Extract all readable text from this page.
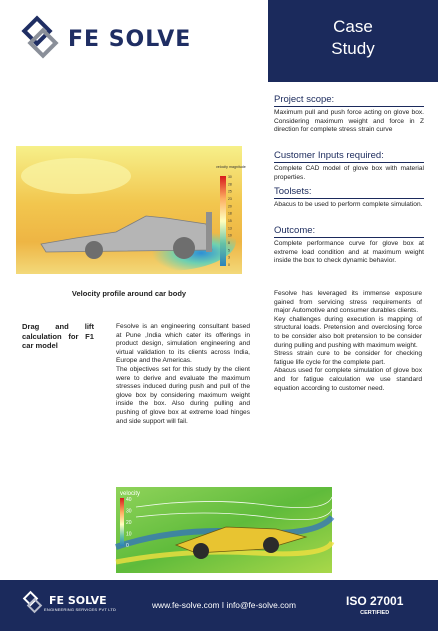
FE SOLVE	Case
Study
Project scope:
Maximum pull and push force acting on glove box. Considering maximum weight and force in Z direction for complete stress strain curve
Customer Inputs required:
Complete CAD model of glove box with material properties.
Toolsets:
Abacus to be used to perform complete simulation.
Outcome:
Complete performance curve for glove box at extreme load condition and at maximum weight inside the box to check dynamic behavior.
velocity magnitude
30
28
25
23
20
18
15
13
10
8
5
3
0
Velocity profile around car body
Drag and lift calculation for F1 car model

Fesolve is an engineering consultant based at Pune ,India which cater its offerings in product design, simulation engineering and virtual validation to its clients across India, Europe and the Americas.

The objectives set for this study by the client were to derive and evaluate the maximum stresses induced during push and pull of the glove box by considering maximum weight inside the box. Also during pulling and pushing of glove box at extreme load hinges and side support will fail.

Fesolve has leveraged its immense exposure gained from servicing stress requirements of major Automotive and consumer durables clients.

Key challenges during execution is mapping of structural loads. Pretension and overclosing force to be consider also bolt pretension to be consider during pulling and pushing with maximum weight.

Stress strain cure to be consider for checking fatigue life cycle for the complete part.

Abacus used for complete simulation of glove box and for fatigue calculation we use standard equation according to customer need.

velocity
40
30
20
10
0
FE SOLVE
ENGINEERING SERVICES PVT LTD	www.fe-solve.com I info@fe-solve.com	ISO 27001
CERTIFIED
